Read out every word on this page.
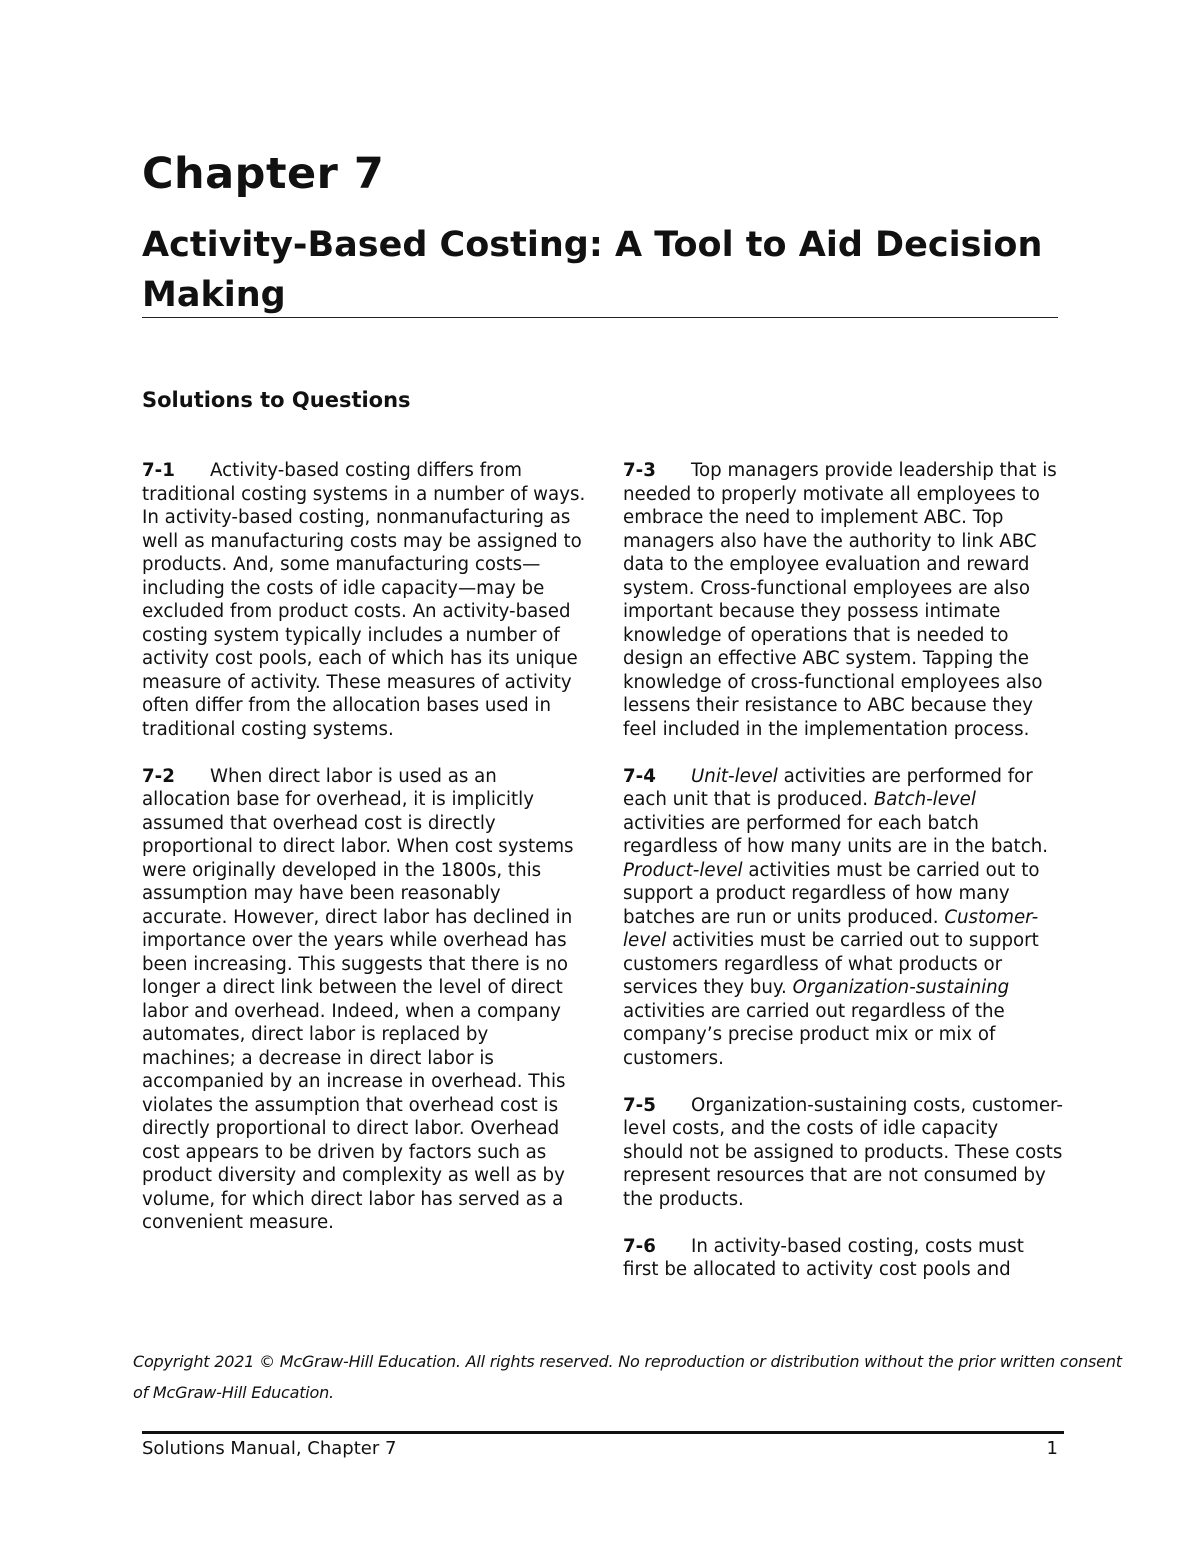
Chapter 7
Activity-Based Costing: A Tool to Aid Decision Making
Solutions to Questions

7-1 Activity-based costing differs from traditional costing systems in a number of ways. In activity-based costing, nonmanufacturing as well as manufacturing costs may be assigned to products. And, some manufacturing costs—including the costs of idle capacity—may be excluded from product costs. An activity-based costing system typically includes a number of activity cost pools, each of which has its unique measure of activity. These measures of activity often differ from the allocation bases used in traditional costing systems.

7-2 When direct labor is used as an allocation base for overhead, it is implicitly assumed that overhead cost is directly proportional to direct labor. When cost systems were originally developed in the 1800s, this assumption may have been reasonably accurate. However, direct labor has declined in importance over the years while overhead has been increasing. This suggests that there is no longer a direct link between the level of direct labor and overhead. Indeed, when a company automates, direct labor is replaced by machines; a decrease in direct labor is accompanied by an increase in overhead. This violates the assumption that overhead cost is directly proportional to direct labor. Overhead cost appears to be driven by factors such as product diversity and complexity as well as by volume, for which direct labor has served as a convenient measure.

7-3 Top managers provide leadership that is needed to properly motivate all employees to embrace the need to implement ABC. Top managers also have the authority to link ABC data to the employee evaluation and reward system. Cross-functional employees are also important because they possess intimate knowledge of operations that is needed to design an effective ABC system. Tapping the knowledge of cross-functional employees also lessens their resistance to ABC because they feel included in the implementation process.

7-4 Unit-level activities are performed for each unit that is produced. Batch-level activities are performed for each batch regardless of how many units are in the batch. Product-level activities must be carried out to support a product regardless of how many batches are run or units produced. Customer-level activities must be carried out to support customers regardless of what products or services they buy. Organization-sustaining activities are carried out regardless of the company’s precise product mix or mix of customers.

7-5 Organization-sustaining costs, customer-level costs, and the costs of idle capacity should not be assigned to products. These costs represent resources that are not consumed by the products.

7-6 In activity-based costing, costs must first be allocated to activity cost pools and

Copyright 2021 © McGraw-Hill Education. All rights reserved. No reproduction or distribution without the prior written consent of McGraw-Hill Education.

Solutions Manual, Chapter 7	1
